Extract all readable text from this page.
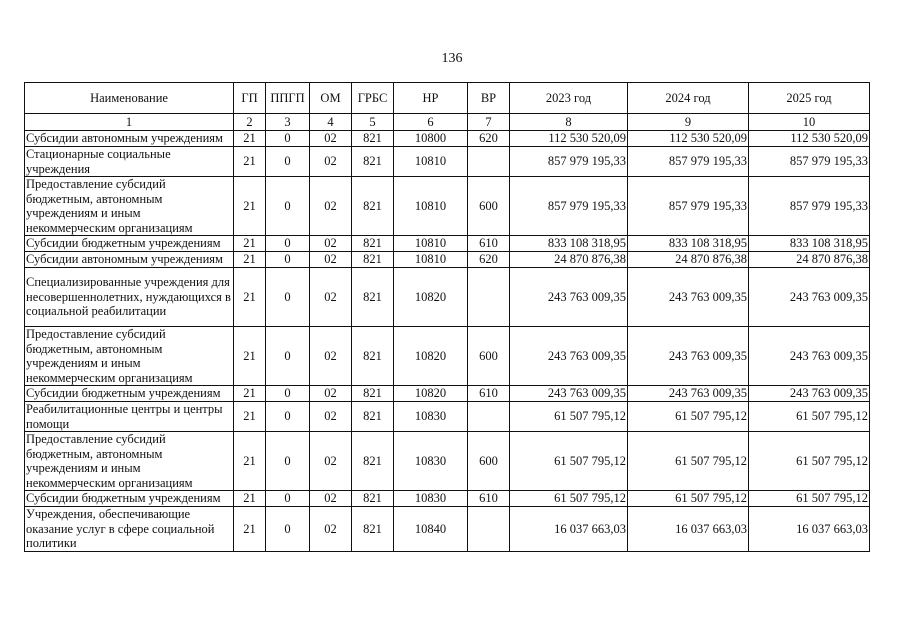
136
Наименование	ГП	ППГП	ОМ	ГРБС	НР	ВР	2023 год	2024 год	2025 год
1	2	3	4	5	6	7	8	9	10
Субсидии автономным учреждениям	21	0	02	821	10800	620	112 530 520,09	112 530 520,09	112 530 520,09
Стационарные социальные учреждения	21	0	02	821	10810		857 979 195,33	857 979 195,33	857 979 195,33
Предоставление субсидий бюджетным, автономным учреждениям и иным некоммерческим организациям	21	0	02	821	10810	600	857 979 195,33	857 979 195,33	857 979 195,33
Субсидии бюджетным учреждениям	21	0	02	821	10810	610	833 108 318,95	833 108 318,95	833 108 318,95
Субсидии автономным учреждениям	21	0	02	821	10810	620	24 870 876,38	24 870 876,38	24 870 876,38
Специализированные учреждения для несовершеннолетних, нуждающихся в социальной реабилитации	21	0	02	821	10820		243 763 009,35	243 763 009,35	243 763 009,35
Предоставление субсидий бюджетным, автономным учреждениям и иным некоммерческим организациям	21	0	02	821	10820	600	243 763 009,35	243 763 009,35	243 763 009,35
Субсидии бюджетным учреждениям	21	0	02	821	10820	610	243 763 009,35	243 763 009,35	243 763 009,35
Реабилитационные центры и центры помощи	21	0	02	821	10830		61 507 795,12	61 507 795,12	61 507 795,12
Предоставление субсидий бюджетным, автономным учреждениям и иным некоммерческим организациям	21	0	02	821	10830	600	61 507 795,12	61 507 795,12	61 507 795,12
Субсидии бюджетным учреждениям	21	0	02	821	10830	610	61 507 795,12	61 507 795,12	61 507 795,12
Учреждения, обеспечивающие оказание услуг в сфере социальной политики	21	0	02	821	10840		16 037 663,03	16 037 663,03	16 037 663,03
